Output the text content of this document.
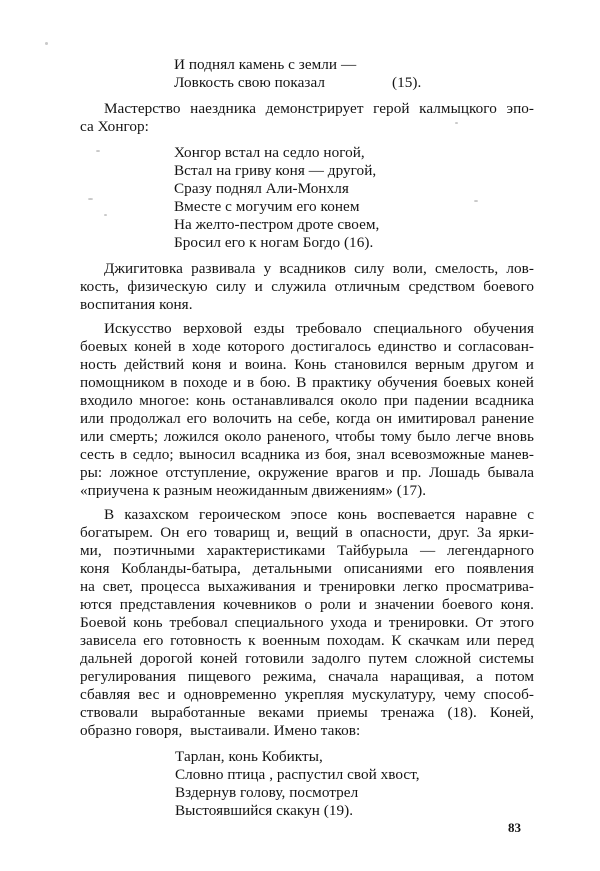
И поднял камень с земли —
Ловкость свою показал	(15).
Мастерство наездника демонстрирует герой калмыцкого эпо-
са Хонгор:
Хонгор встал на седло ногой,
Встал на гриву коня — другой,
Сразу поднял Али-Монхля
Вместе с могучим его конем
На желто-пестром дроте своем,
Бросил его к ногам Богдо (16).
Джигитовка развивала у всадников силу воли, смелость, лов-
кость, физическую силу и служила отличным средством боевого
воспитания коня.
Искусство верховой езды требовало специального обучения
боевых коней в ходе которого достигалось единство и согласован-
ность действий коня и воина. Конь становился верным другом и
помощником в походе и в бою. В практику обучения боевых коней
входило многое: конь останавливался около при падении всадника
или продолжал его волочить на себе, когда он имитировал ранение
или смерть; ложился около раненого, чтобы тому было легче вновь
сесть в седло; выносил всадника из боя, знал всевозможные манев-
ры: ложное отступление, окружение врагов и пр. Лошадь бывала
«приучена к разным неожиданным движениям» (17).
В казахском героическом эпосе конь воспевается наравне с
богатырем. Он его товарищ и, вещий в опасности, друг. За ярки-
ми, поэтичными характеристиками Тайбурыла — легендарного
коня Кобланды-батыра, детальными описаниями его появления
на свет, процесса выхаживания и тренировки легко просматрива-
ются представления кочевников о роли и значении боевого коня.
Боевой конь требовал специального ухода и тренировки. От этого
зависела его готовность к военным походам. К скачкам или перед
дальней дорогой коней готовили задолго путем сложной системы
регулирования пищевого режима, сначала наращивая, а потом
сбавляя вес и одновременно укрепляя мускулатуру, чему способ-
ствовали выработанные веками приемы тренажа (18). Коней,
образно говоря,  выстаивали. Имено таков:
Тарлан, конь Кобикты,
Словно птица , распустил свой хвост,
Вздернув голову, посмотрел
Выстоявшийся скакун (19).
83
